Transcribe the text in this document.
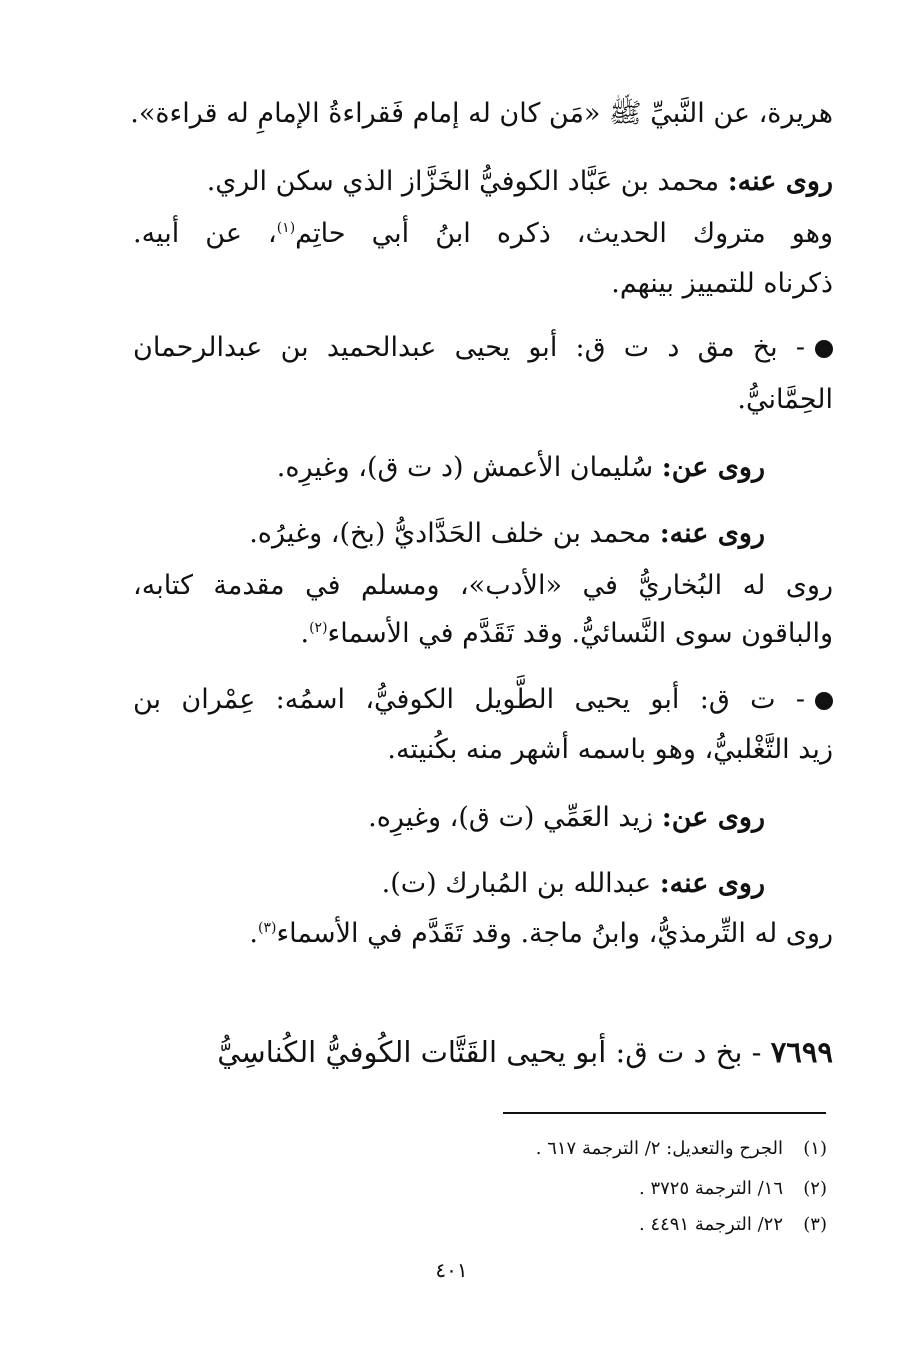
هريرة، عن النَّبيِّ ﷺ «مَن كان له إمام فَقراءةُ الإمامِ له قراءة».
روى عنه: محمد بن عَبَّاد الكوفيُّ الخَزَّاز الذي سكن الري.
وهو متروك الحديث، ذكره ابنُ أبي حاتِم$^{(١)}$، عن أبيه.
ذكرناه للتمييز بينهم.
- بخ مق د ت ق: أبو يحيى عبدالحميد بن عبدالرحمان
الحِمَّانيُّ.
روى عن: سُليمان الأعمش (د ت ق)، وغيرِه.
روى عنه: محمد بن خلف الحَدَّاديُّ (بخ)، وغيرُه.
روى له البُخاريُّ في «الأدب»، ومسلم في مقدمة كتابه،
والباقون سوى النَّسائيُّ. وقد تَقَدَّم في الأسماء$^{(٢)}$.
- ت ق: أبو يحيى الطَّويل الكوفيُّ، اسمُه: عِمْران بن
زيد التَّغْلبيُّ، وهو باسمه أشهر منه بكُنيته.
روى عن: زيد العَمِّي (ت ق)، وغيرِه.
روى عنه: عبدالله بن المُبارك (ت).
روى له التِّرمذيُّ، وابنُ ماجة. وقد تَقَدَّم في الأسماء$^{(٣)}$.
٧٦٩٩ - بخ د ت ق: أبو يحيى القَتَّات الكُوفيُّ الكُناسِيُّ
(١)الجرح والتعديل: ٢/ الترجمة ٦١٧ .
(٢)١٦/ الترجمة ٣٧٢٥ .
(٣)٢٢/ الترجمة ٤٤٩١ .
٤٠١
